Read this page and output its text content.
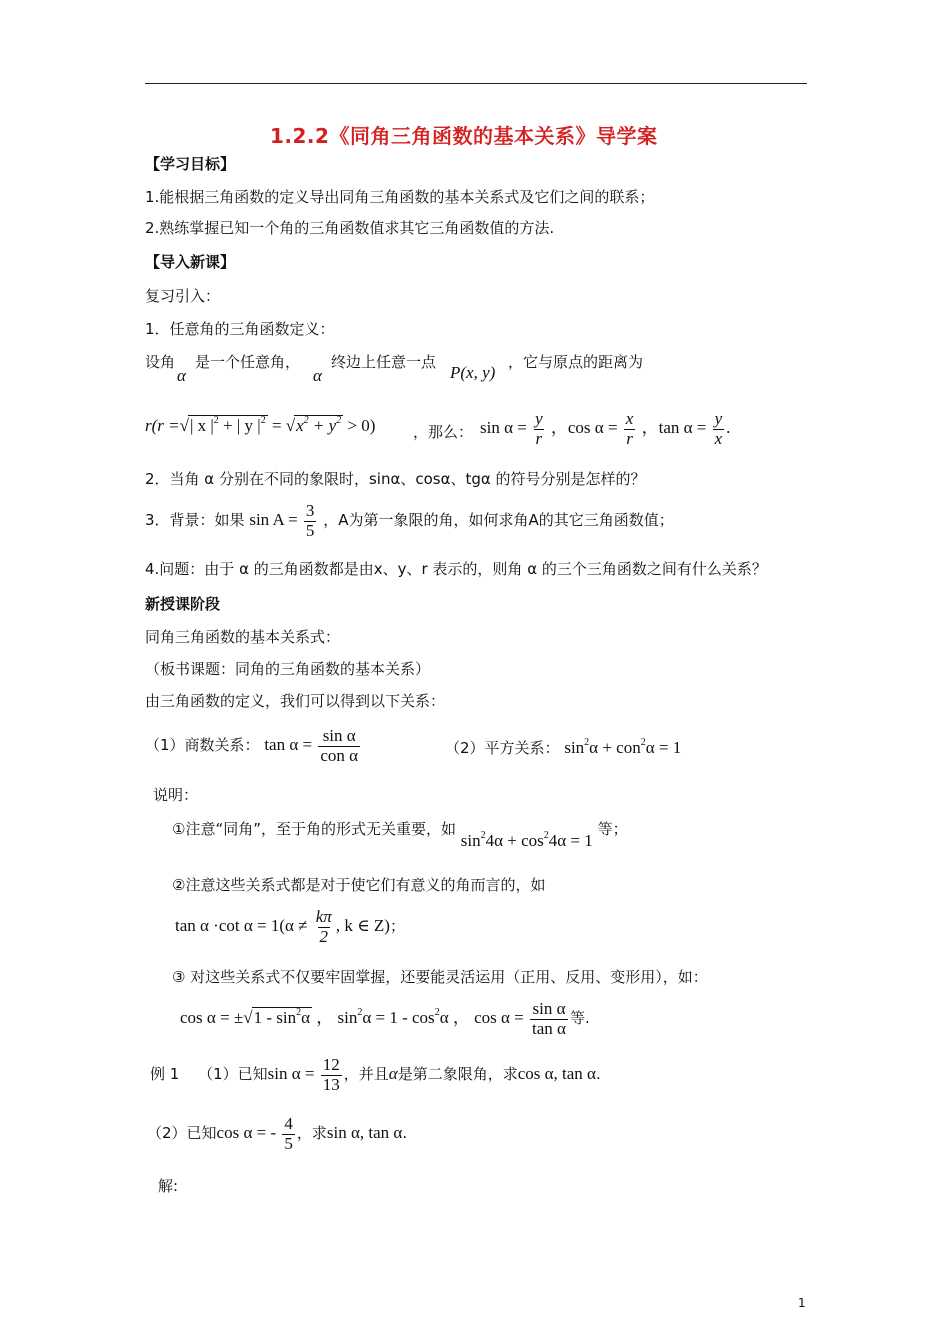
1.2.2《同角三角函数的基本关系》导学案
【学习目标】
1.能根据三角函数的定义导出同角三角函数的基本关系式及它们之间的联系；
2.熟练掌握已知一个角的三角函数值求其它三角函数值的方法.
【导入新课】
复习引入：
1．任意角的三角函数定义：
设角
α
是一个任意角，
α
终边上任意一点
P(x, y)
，它与原点的距离为
r(r =√| x $|^2$ + | y $|^2 = √x^2 + y^2 > 0$)	，那么： $\sin \alpha = \frac{y}{r}$ ，$\cos \alpha = \frac{x}{r}$ ，$\tan \alpha = \frac{y}{x}$ .
2．当角 α 分别在不同的象限时，sinα、cosα、tgα 的符号分别是怎样的？
3．背景：如果 $\sin A = \frac{3}{5}$ ，A为第一象限的角，如何求角A的其它三角函数值；
4.问题：由于 α 的三角函数都是由x、y、r 表示的，则角 α 的三个三角函数之间有什么关系？
新授课阶段
同角三角函数的基本关系式：
（板书课题：同角的三角函数的基本关系）
由三角函数的定义，我们可以得到以下关系：
（1）商数关系： $\tan \alpha = \frac{\text{sin α}}{\text{con α}}$	（2）平方关系： $\sin^2\alpha + con^2\alpha = 1$
说明：
①注意“同角”，至于角的形式无关重要，如 $\sin^24\alpha + \cos^24\alpha = 1$ 等；
②注意这些关系式都是对于使它们有意义的角而言的，如
tan α ·cot $\alpha = 1(\alpha \ne \frac{k\pi}{2}$ , k ∈ Z)；
③ 对这些关系式不仅要牢固掌握，还要能灵活运用（正用、反用、变形用），如：
$\cos \alpha = \pm√1 - \sin^2\alpha$ ， $\sin^2\alpha = 1 - \cos^2\alpha$ ， $\cos \alpha = \frac{\text{sin α}}{\text{tan α}}$ 等.
例 1 （1）已知$\sin \alpha = \frac{12}{13}$ ，并且α是第二象限角，求cos α, tan α.
（2）已知cos α = - $\frac{4}{5}$ ，求sin α, tan α.
解:
1
